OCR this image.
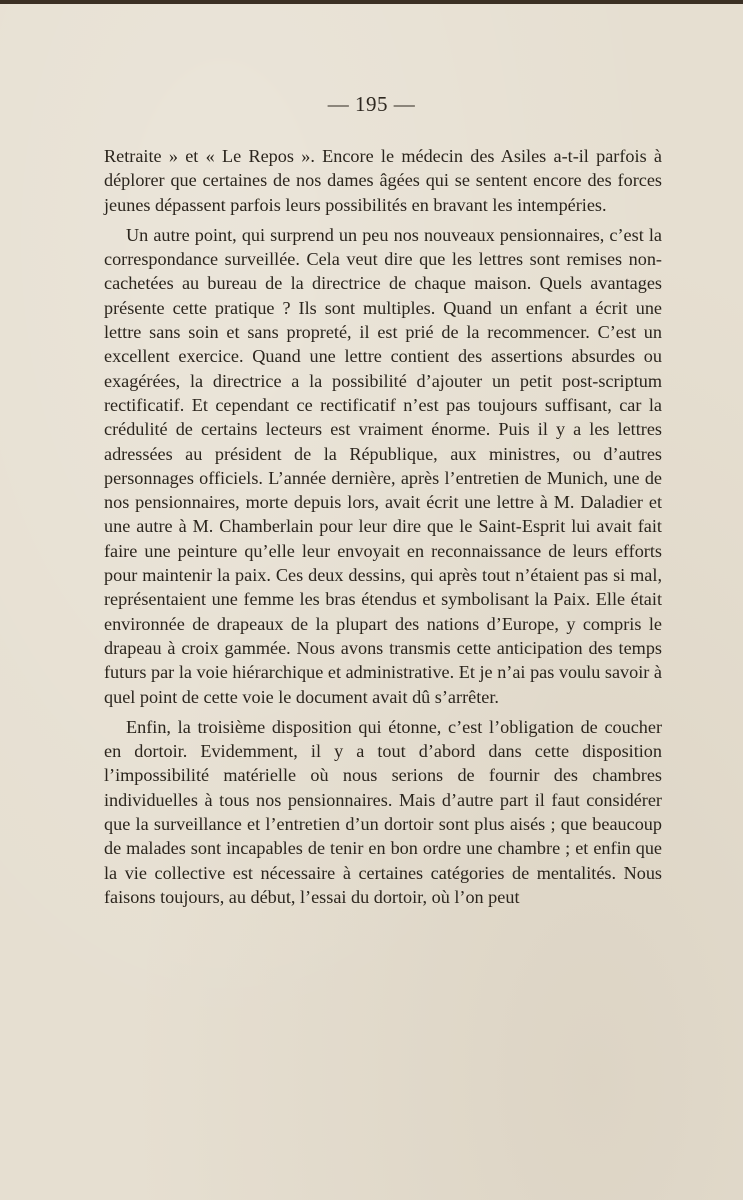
— 195 —

Retraite » et « Le Repos ». Encore le médecin des Asiles a-t-il parfois à déplorer que certaines de nos dames âgées qui se sentent encore des forces jeunes dépassent parfois leurs possibilités en bravant les intempéries.

Un autre point, qui surprend un peu nos nouveaux pensionnaires, c’est la correspondance surveillée. Cela veut dire que les lettres sont remises non-cachetées au bureau de la directrice de chaque maison. Quels avantages présente cette pratique ? Ils sont multiples. Quand un enfant a écrit une lettre sans soin et sans propreté, il est prié de la recommencer. C’est un excellent exercice. Quand une lettre contient des assertions absurdes ou exagérées, la directrice a la possibilité d’ajouter un petit post-scriptum rectificatif. Et cependant ce rectificatif n’est pas toujours suffisant, car la crédulité de certains lecteurs est vraiment énorme. Puis il y a les lettres adressées au président de la République, aux ministres, ou d’autres personnages officiels. L’année dernière, après l’entretien de Munich, une de nos pensionnaires, morte depuis lors, avait écrit une lettre à M. Daladier et une autre à M. Chamberlain pour leur dire que le Saint-Esprit lui avait fait faire une peinture qu’elle leur envoyait en reconnaissance de leurs efforts pour maintenir la paix. Ces deux dessins, qui après tout n’étaient pas si mal, représentaient une femme les bras étendus et symbolisant la Paix. Elle était environnée de drapeaux de la plupart des nations d’Europe, y compris le drapeau à croix gammée. Nous avons transmis cette anticipation des temps futurs par la voie hiérarchique et administrative. Et je n’ai pas voulu savoir à quel point de cette voie le document avait dû s’arrêter.

Enfin, la troisième disposition qui étonne, c’est l’obligation de coucher en dortoir. Evidemment, il y a tout d’abord dans cette disposition l’impossibilité matérielle où nous serions de fournir des chambres individuelles à tous nos pensionnaires. Mais d’autre part il faut considérer que la surveillance et l’entretien d’un dortoir sont plus aisés ; que beaucoup de malades sont incapables de tenir en bon ordre une chambre ; et enfin que la vie collective est nécessaire à certaines catégories de mentalités. Nous faisons toujours, au début, l’essai du dortoir, où l’on peut
